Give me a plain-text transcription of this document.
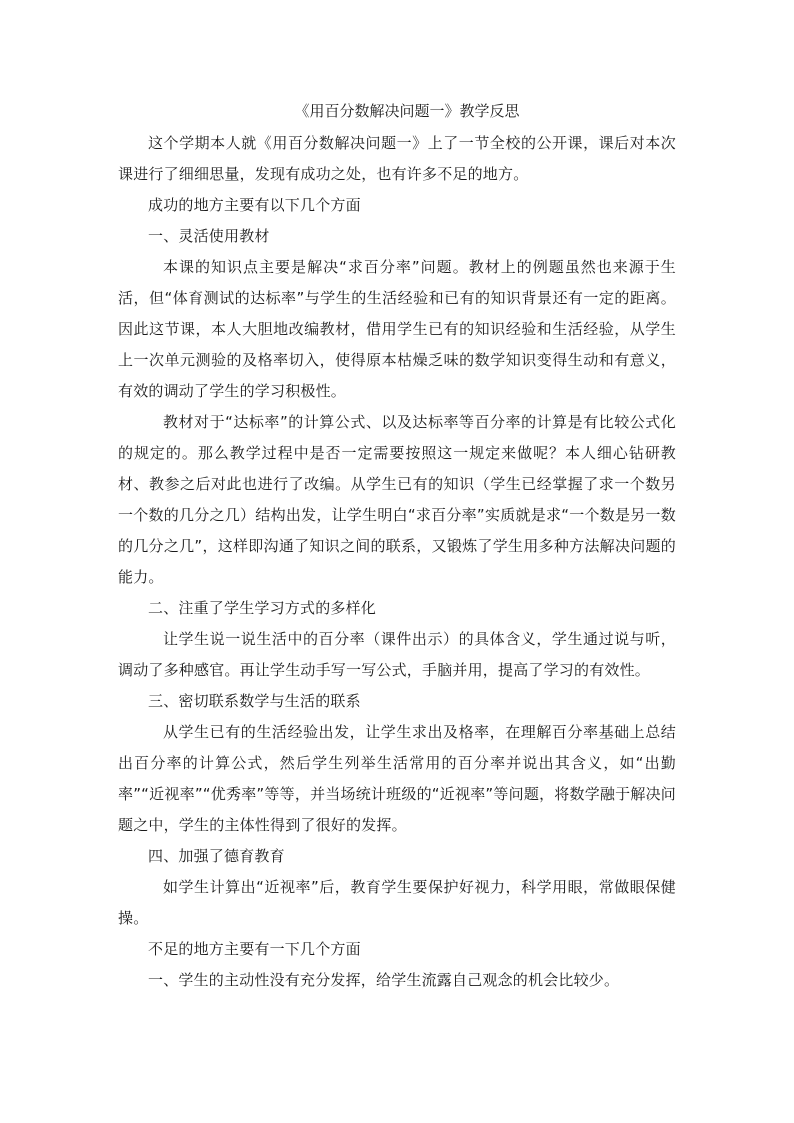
《用百分数解决问题一》教学反思

这个学期本人就《用百分数解决问题一》上了一节全校的公开课，课后对本次课进行了细细思量，发现有成功之处，也有许多不足的地方。

成功的地方主要有以下几个方面

一、灵活使用教材

本课的知识点主要是解决“求百分率”问题。教材上的例题虽然也来源于生活，但“体育测试的达标率”与学生的生活经验和已有的知识背景还有一定的距离。因此这节课，本人大胆地改编教材，借用学生已有的知识经验和生活经验，从学生上一次单元测验的及格率切入，使得原本枯燥乏味的数学知识变得生动和有意义，有效的调动了学生的学习积极性。

教材对于“达标率”的计算公式、以及达标率等百分率的计算是有比较公式化的规定的。那么教学过程中是否一定需要按照这一规定来做呢？本人细心钻研教材、教参之后对此也进行了改编。从学生已有的知识（学生已经掌握了求一个数另一个数的几分之几）结构出发，让学生明白“求百分率”实质就是求“一个数是另一数的几分之几”，这样即沟通了知识之间的联系，又锻炼了学生用多种方法解决问题的能力。

二、注重了学生学习方式的多样化

让学生说一说生活中的百分率（课件出示）的具体含义，学生通过说与听，调动了多种感官。再让学生动手写一写公式，手脑并用，提高了学习的有效性。

三、密切联系数学与生活的联系

从学生已有的生活经验出发，让学生求出及格率，在理解百分率基础上总结出百分率的计算公式，然后学生列举生活常用的百分率并说出其含义，如“出勤率”“近视率”“优秀率”等等，并当场统计班级的“近视率”等问题，将数学融于解决问题之中，学生的主体性得到了很好的发挥。

四、加强了德育教育

如学生计算出“近视率”后，教育学生要保护好视力，科学用眼，常做眼保健操。

不足的地方主要有一下几个方面

一、学生的主动性没有充分发挥，给学生流露自己观念的机会比较少。
